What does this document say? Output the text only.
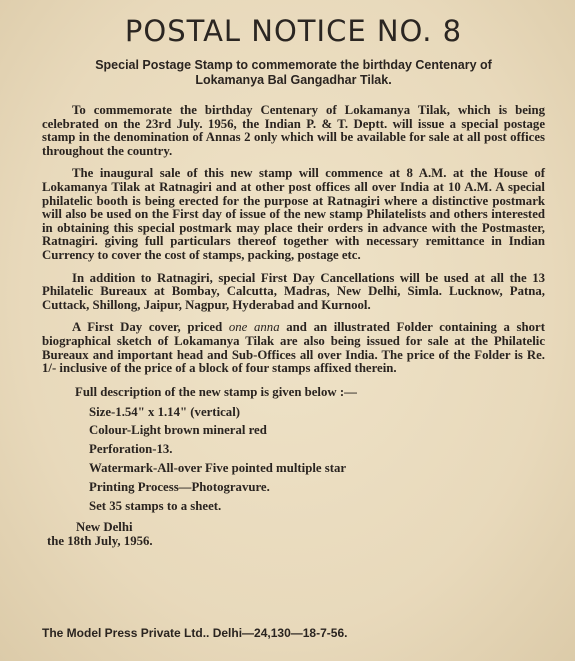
POSTAL NOTICE NO. 8
Special Postage Stamp to commemorate the birthday Centenary of
Lokamanya Bal Gangadhar Tilak.

To commemorate the birthday Centenary of Lokamanya Tilak, which is being celebrated on the 23rd July. 1956, the Indian P. & T. Deptt. will issue a special postage stamp in the denomination of Annas 2 only which will be available for sale at all post offices throughout the country.

The inaugural sale of this new stamp will commence at 8 A.M. at the House of Lokamanya Tilak at Ratnagiri and at other post offices all over India at 10 A.M. A special philatelic booth is being erected for the purpose at Ratnagiri where a distinctive postmark will also be used on the First day of issue of the new stamp Philatelists and others interested in obtaining this special postmark may place their orders in advance with the Postmaster, Ratnagiri. giving full particulars thereof together with necessary remittance in Indian Currency to cover the cost of stamps, packing, postage etc.

In addition to Ratnagiri, special First Day Cancellations will be used at all the 13 Philatelic Bureaux at Bombay, Calcutta, Madras, New Delhi, Simla. Lucknow, Patna, Cuttack, Shillong, Jaipur, Nagpur, Hyderabad and Kurnool.

A First Day cover, priced one anna and an illustrated Folder containing a short biographical sketch of Lokamanya Tilak are also being issued for sale at the Philatelic Bureaux and important head and Sub-Offices all over India. The price of the Folder is Re. 1/- inclusive of the price of a block of four stamps affixed therein.

Full description of the new stamp is given below :—
Size-1.54" x 1.14" (vertical)
Colour-Light brown mineral red
Perforation-13.
Watermark-All-over Five pointed multiple star
Printing Process—Photogravure.
Set 35 stamps to a sheet.
New Delhi
the 18th July, 1956.
The Model Press Private Ltd.. Delhi—24,130—18-7-56.
